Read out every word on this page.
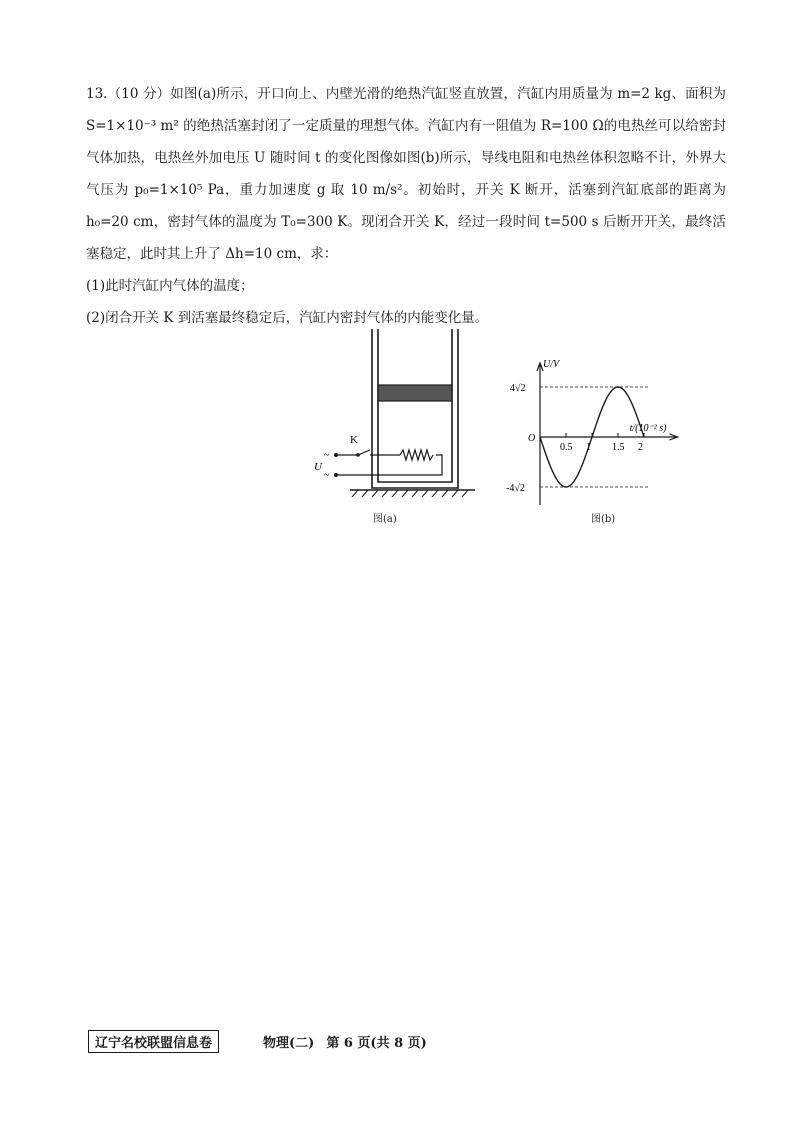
13.（10 分）如图(a)所示，开口向上、内壁光滑的绝热汽缸竖直放置，汽缸内用质量为 m=2 kg、面积为 S=1×10⁻³ m² 的绝热活塞封闭了一定质量的理想气体。汽缸内有一阻值为 R=100 Ω的电热丝可以给密封气体加热，电热丝外加电压 U 随时间 t 的变化图像如图(b)所示，导线电阻和电热丝体积忽略不计，外界大气压为 p₀=1×10⁵ Pa，重力加速度 g 取 10 m/s²。初始时，开关 K 断开，活塞到汽缸底部的距离为 h₀=20 cm，密封气体的温度为 T₀=300 K。现闭合开关 K，经过一段时间 t=500 s 后断开开关，最终活塞稳定，此时其上升了 Δh=10 cm，求：

(1)此时汽缸内气体的温度；

(2)闭合开关 K 到活塞最终稳定后，汽缸内密封气体的内能变化量。

K
U
~
~
图(a)
U/V
t/(10⁻² s)
O
4√2
-4√2
0.5 1 1.5 2
图(b)
辽宁名校联盟信息卷	物理(二) 第 6 页(共 8 页)
